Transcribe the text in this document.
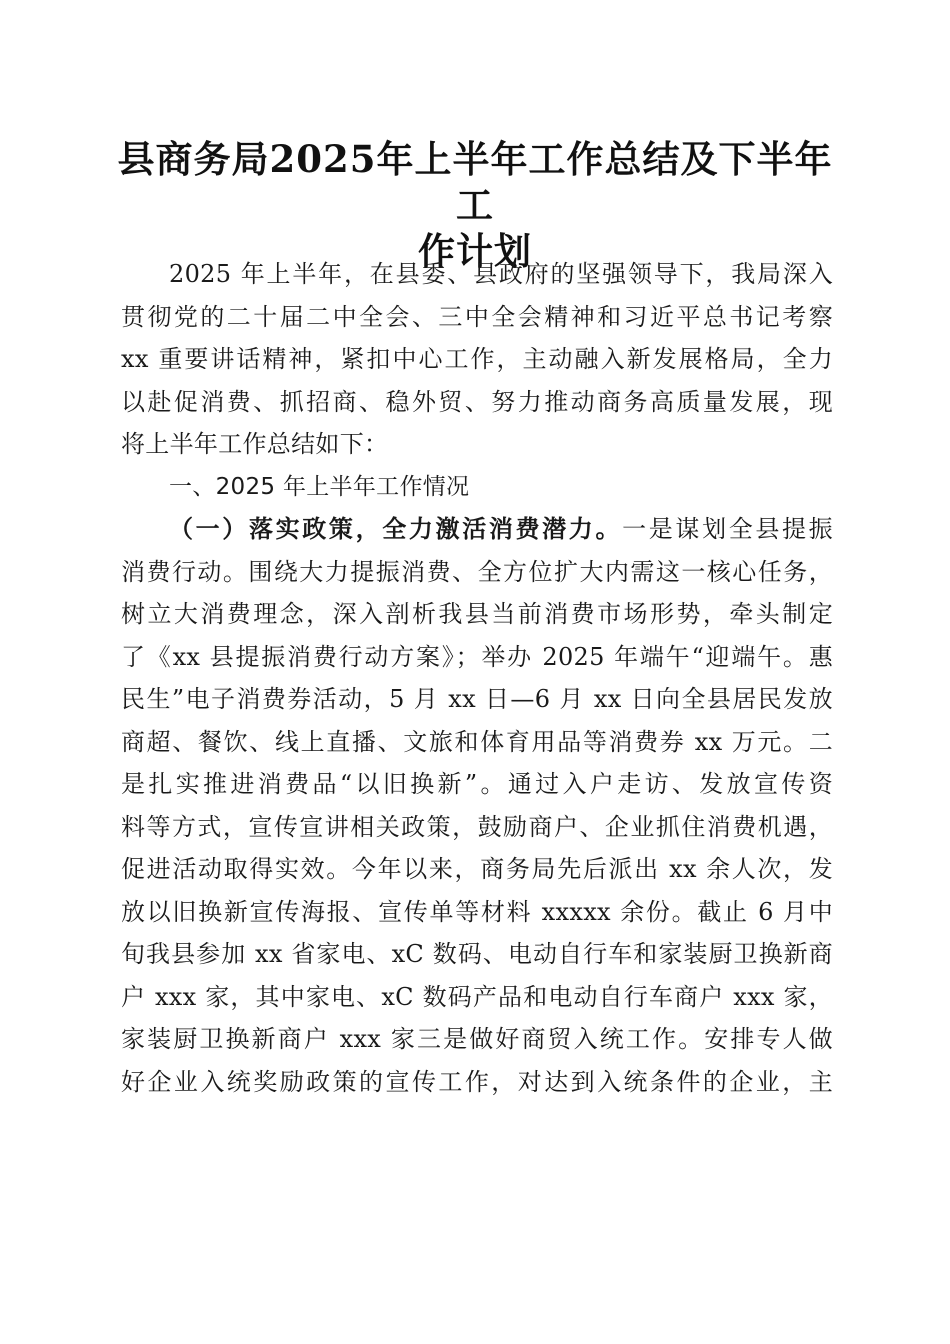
县商务局2025年上半年工作总结及下半年工
作计划
2025 年上半年，在县委、县政府的坚强领导下，我局深入
贯彻党的二十届二中全会、三中全会精神和习近平总书记考察
xx 重要讲话精神，紧扣中心工作，主动融入新发展格局，全力
以赴促消费、抓招商、稳外贸、努力推动商务高质量发展，现
将上半年工作总结如下：
一、2025 年上半年工作情况
（一）落实政策，全力激活消费潜力。一是谋划全县提振
消费行动。围绕大力提振消费、全方位扩大内需这一核心任务，
树立大消费理念，深入剖析我县当前消费市场形势，牵头制定
了《xx 县提振消费行动方案》；举办 2025 年端午“迎端午。惠
民生”电子消费券活动，5 月 xx 日—6 月 xx 日向全县居民发放
商超、餐饮、线上直播、文旅和体育用品等消费券 xx 万元。二
是扎实推进消费品“以旧换新”。通过入户走访、发放宣传资
料等方式，宣传宣讲相关政策，鼓励商户、企业抓住消费机遇，
促进活动取得实效。今年以来，商务局先后派出 xx 余人次，发
放以旧换新宣传海报、宣传单等材料 xxxxx 余份。截止 6 月中
旬我县参加 xx 省家电、xC 数码、电动自行车和家装厨卫换新商
户 xxx 家，其中家电、xC 数码产品和电动自行车商户 xxx 家，
家装厨卫换新商户 xxx 家三是做好商贸入统工作。安排专人做
好企业入统奖励政策的宣传工作，对达到入统条件的企业，主
